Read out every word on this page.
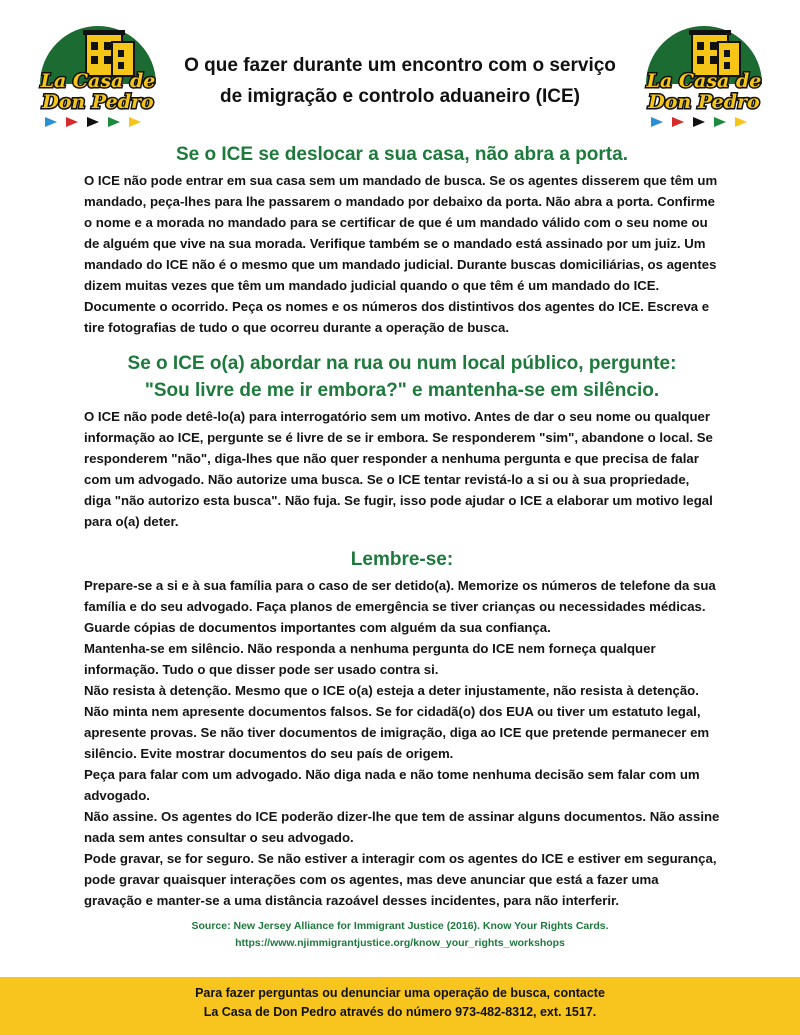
La Casa de
Don Pedro
La Casa de
Don Pedro
O que fazer durante um encontro com o serviço
de imigração e controlo aduaneiro (ICE)
Se o ICE se deslocar a sua casa, não abra a porta.

O ICE não pode entrar em sua casa sem um mandado de busca. Se os agentes disserem que têm um mandado, peça-lhes para lhe passarem o mandado por debaixo da porta. Não abra a porta. Confirme o nome e a morada no mandado para se certificar de que é um mandado válido com o seu nome ou de alguém que vive na sua morada. Verifique também se o mandado está assinado por um juiz. Um mandado do ICE não é o mesmo que um mandado judicial. Durante buscas domiciliárias, os agentes dizem muitas vezes que têm um mandado judicial quando o que têm é um mandado do ICE. Documente o ocorrido. Peça os nomes e os números dos distintivos dos agentes do ICE. Escreva e tire fotografias de tudo o que ocorreu durante a operação de busca.

Se o ICE o(a) abordar na rua ou num local público, pergunte:
"Sou livre de me ir embora?" e mantenha-se em silêncio.

O ICE não pode detê-lo(a) para interrogatório sem um motivo. Antes de dar o seu nome ou qualquer informação ao ICE, pergunte se é livre de se ir embora. Se responderem "sim", abandone o local. Se responderem "não", diga-lhes que não quer responder a nenhuma pergunta e que precisa de falar com um advogado. Não autorize uma busca. Se o ICE tentar revistá-lo a si ou à sua propriedade, diga "não autorizo esta busca". Não fuja. Se fugir, isso pode ajudar o ICE a elaborar um motivo legal para o(a) deter.

Lembre-se:
Prepare-se a si e à sua família para o caso de ser detido(a). Memorize os números de telefone da sua família e do seu advogado. Faça planos de emergência se tiver crianças ou necessidades médicas. Guarde cópias de documentos importantes com alguém da sua confiança.
Mantenha-se em silêncio. Não responda a nenhuma pergunta do ICE nem forneça qualquer informação. Tudo o que disser pode ser usado contra si.
Não resista à detenção. Mesmo que o ICE o(a) esteja a deter injustamente, não resista à detenção.
Não minta nem apresente documentos falsos. Se for cidadã(o) dos EUA ou tiver um estatuto legal, apresente provas. Se não tiver documentos de imigração, diga ao ICE que pretende permanecer em silêncio. Evite mostrar documentos do seu país de origem.
Peça para falar com um advogado. Não diga nada e não tome nenhuma decisão sem falar com um advogado.
Não assine. Os agentes do ICE poderão dizer-lhe que tem de assinar alguns documentos. Não assine nada sem antes consultar o seu advogado.
Pode gravar, se for seguro. Se não estiver a interagir com os agentes do ICE e estiver em segurança, pode gravar quaisquer interações com os agentes, mas deve anunciar que está a fazer uma gravação e manter-se a uma distância razoável desses incidentes, para não interferir.
Source: New Jersey Alliance for Immigrant Justice (2016). Know Your Rights Cards.
https://www.njimmigrantjustice.org/know_your_rights_workshops
Para fazer perguntas ou denunciar uma operação de busca, contacte
La Casa de Don Pedro através do número 973-482-8312, ext. 1517.
